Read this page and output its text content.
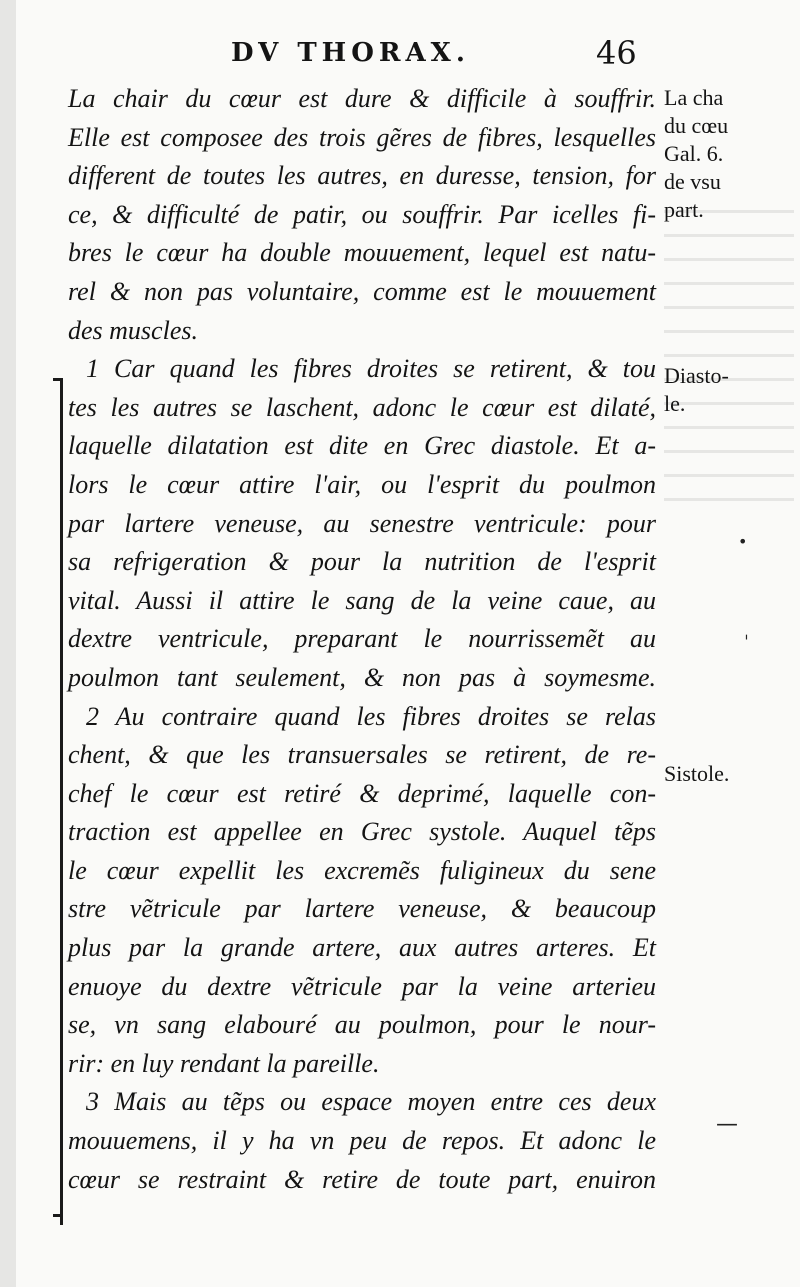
DV THORAX.	46
La chair du cœur est dure & difficile à souffrir.
Elle est composee des trois gẽres de fibres, lesquelles
different de toutes les autres, en duresse, tension, for
ce, & difficulté de patir, ou souffrir. Par icelles fi-
bres le cœur ha double mouuement, lequel est natu-
rel & non pas voluntaire, comme est le mouuement
des muscles.
1 Car quand les fibres droites se retirent, & tou
tes les autres se laschent, adonc le cœur est dilaté,
laquelle dilatation est dite en Grec diastole. Et a-
lors le cœur attire l'air, ou l'esprit du poulmon
par lartere veneuse, au senestre ventricule: pour
sa refrigeration & pour la nutrition de l'esprit
vital. Aussi il attire le sang de la veine caue, au
dextre ventricule, preparant le nourrissemẽt au
poulmon tant seulement, & non pas à soymesme.
2 Au contraire quand les fibres droites se relas
chent, & que les transuersales se retirent, de re-
chef le cœur est retiré & deprimé, laquelle con-
traction est appellee en Grec systole. Auquel tẽps
le cœur expellit les excremẽs fuligineux du sene
stre vẽtricule par lartere veneuse, & beaucoup
plus par la grande artere, aux autres arteres. Et
enuoye du dextre vẽtricule par la veine arterieu
se, vn sang elabouré au poulmon, pour le nour-
rir: en luy rendant la pareille.
3 Mais au tẽps ou espace moyen entre ces deux
mouuemens, il y ha vn peu de repos. Et adonc le
cœur se restraint & retire de toute part, enuiron
La cha
du cœu
Gal. 6.
de vsu
part.
Diasto-
le.
Sistole.
•
ˈ
—
